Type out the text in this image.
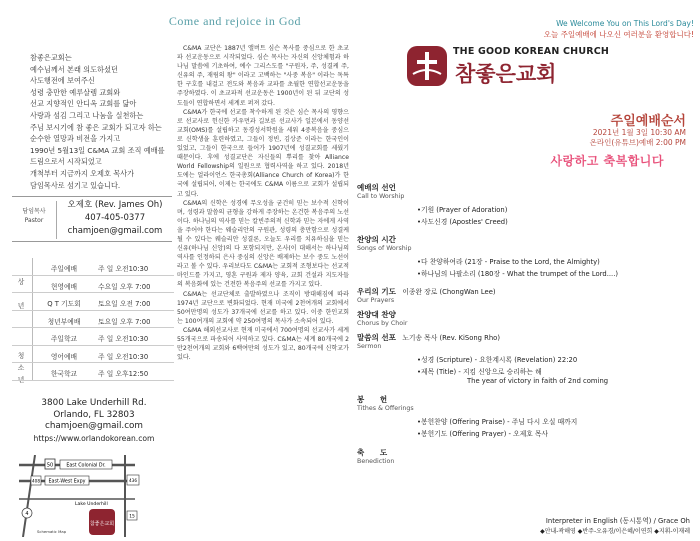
참좋은교회는
예수님께서 본래 의도하셨던
사도행전에 보여주신
성령 충만한 예루살렘 교회와
선교 지향적인 안디옥 교회를 닮아
사랑과 섬김 그리고 나눔을 실천하는
주님 보시기에 참 좋은 교회가 되고자 하는
순수한 열망과 비전을 가지고
1990년 5월13일 C&MA 교회 조직 예배를
드림으로서 시작되었고
개척부터 지금까지 오제호 목사가
담임목사로 섬기고 있습니다.
담임목사
Pastor
오제호 (Rev. James Oh)
407-405-0377
chamjoen@gmail.com
상

년
청
소
년
주일예배	주 일 오전10:30
현영예배	수요일 오후 7:00
Q T 기도회	토요일 오전 7:00
청년부예배	토요일 오후 7:00
주일학교	주 일 오전10:30
영어예배	주 일 오전10:30
한국학교	주 일 오후12:50
3800 Lake Underhill Rd.
Orlando, FL 32803
chamjoen@gmail.com
https://www.orlandokorean.com
50	East Colonial Dr.
408 East-West Expy	436
Lake Underhill
15
4
참좋은교회
Schematic Map
Come and rejoice in God

C&MA 교단은 1887년 앨버트 심슨 목사를 중심으로 한 초교파 선교운동으로 시작되었다. 심슨 목사는 자신의 신앙체험과 하나님 말씀에 기초하여, 예수 그리스도를 "구원자, 주, 성결케 주, 신유의 주, 재림의 왕" 이라고 고백하는 "사중 복음" 이라는 독특한 구호를 내걸고 전도와 복음과 교파를 초월한 연합선교운동을 주장하였다. 이 초교파적 선교운동은 1900년이 된 뒤 교단의 성도들이 연합하면서 세계로 퍼져 갔다.

C&MA가 한국에 선교를 착수하게 된 것은 심슨 목사의 영향으로 선교사로 헌신한 카우먼과 길보른 선교사가 일본에서 동양선교회(OMS)를 설립하고 동경성서학원을 세워 4중복음을 중심으로 신학생을 훈련하였고, 그들이 정빈, 김상준 이라는 한국인이 있었고, 그들이 한국으로 들어가 1907년에 성결교회를 세웠기 때문이다. 후에 성결교단은 자신들의 뿌리를 찾아 Alliance World Fellowship의 일원으로 협력사역을 하고 있다. 2018년도에는 얼라이언스 한국총회(Alliance Church of Korea)가 한국에 설립되어, 이제는 한국에도 C&MA 이름으로 교회가 설립되고 있다.

C&MA의 신학은 성경에 무오성을 굳건히 믿는 보수적 신학이며, 성령과 말씀의 균형을 강하게 주장하는 온건한 복음주의 노선이다. 하나님의 역사를 믿는 칼빈주의적 신학과 믿는 자에게 사역을 주어야 한다는 웨슬리안의 구원관, 성령의 충만함으로 성결케 될 수 있다는 웨슬리안 성결론, 오늘도 우리를 치유하심을 믿는 신유(하나님 신앙)의 다 포함되지만, 온사(이 대해서는 하나님의 역사를 인정하되 은사 중심의 신앙은 배제하는 보수 중도 노선이라고 볼 수 있다. 우리보다도 C&MA는 교회적 조형보다는 선교적 마인드를 가지고, 영혼 구원과 제자 양육, 교회 건설과 지도자들의 복음화에 있는 건전한 복음주의 선교를 가지고 있다.

C&MA는 선교단체로 출발하였으나 조직이 방대해짐에 따라 1974년 교단으로 변화되었다. 현재 미국에 2천여개의 교회에서 50여만명의 성도가 37개국에 선교를 하고 있다. 이중 한인교회는 100여개의 교회에 약 250여명의 목사가 소속되어 있다.

C&MA 해외선교사로 현재 미국에서 700여명의 선교사가 세계 55개국으로 파송되어 사역하고 있다. C&MA는 세계 80개국에 2만2천여개의 교회와 6백여만의 성도가 있고, 80개국에 신학교가 있다.

We Welcome You on This Lord's Day!
오늘 주일예배에 나오신 여러분을 환영합니다!
THE GOOD KOREAN CHURCH
참좋은교회
주일예배순서
2021년 1월 3일 10:30 AM
온라인(유튜브)예배 2:00 PM
사랑하고 축복합니다
예배의 선언
Call to Worship
•기원 (Prayer of Adoration)
•사도신경 (Apostles' Creed)
찬양의 시간
Songs of Worship
•다 찬양하여라 (21장 - Praise to the Lord, the Almighty)
•하나님의 나팔소리 (180장 - What the trumpet of the Lord....)
우리의 기도 이종완 장로 (ChongWan Lee)
Our Prayers
찬양대 찬양
Chorus by Choir
말씀의 선포 노기송 목사 (Rev. KiSong Rho)
Sermon
•성경 (Scripture) - 요한계시록 (Revelation) 22:20
•제목 (Title) - 지킴 신앙으로 승리하는 해
The year of victory in faith of 2nd coming
봉      헌
Tithes & Offerings
•봉헌찬양 (Offering Praise) - 주님 다시 오실 때까지
•봉헌기도 (Offering Prayer) - 오제호 목사
축      도
Benediction
Interpreter in English (동시통역) / Grace Oh
◆안내-곽해영 ◆반주-오유경/이은혜/이연희 ◆지휘-이재레
